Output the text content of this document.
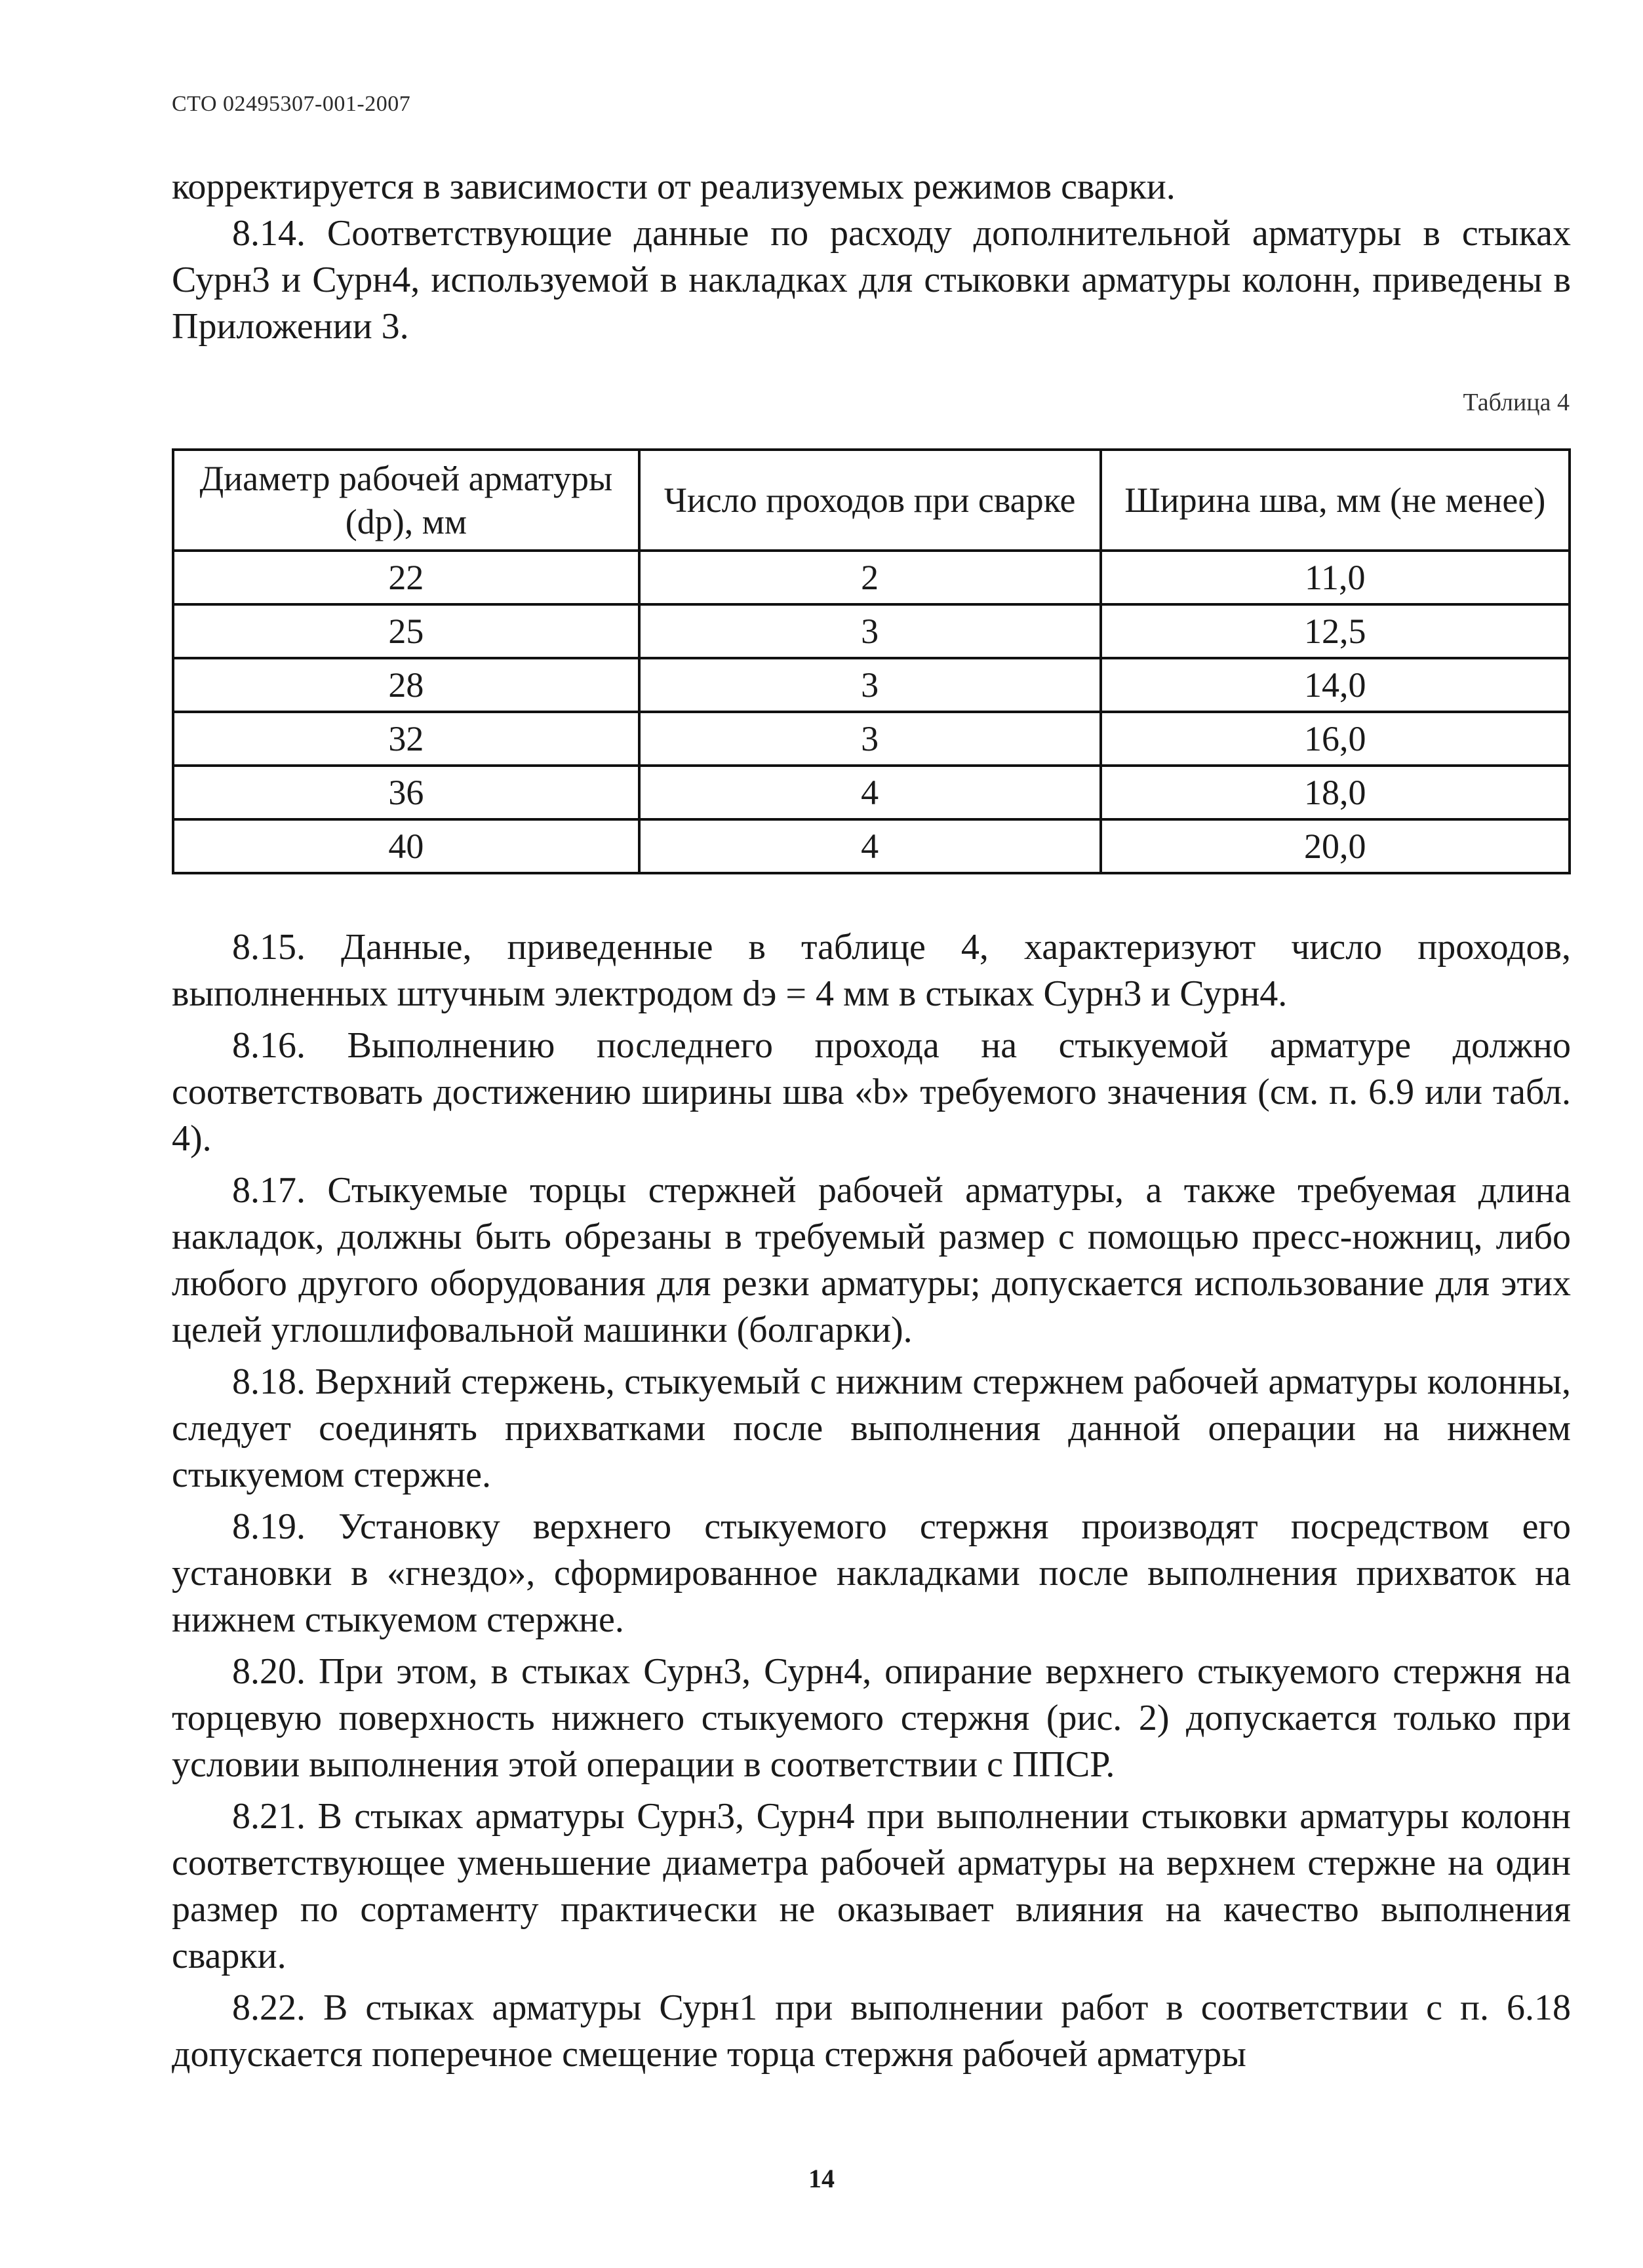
СТО 02495307-001-2007

корректируется в зависимости от реализуемых режимов сварки.

8.14. Соответствующие данные по расходу дополнительной арматуры в стыках Сурн3 и Сурн4, используемой в накладках для стыковки арматуры колонн, приведены в Приложении 3.

Таблица 4
Диаметр рабочей арматуры (dр), мм	Число проходов при сварке	Ширина шва, мм (не менее)
22	2	11,0
25	3	12,5
28	3	14,0
32	3	16,0
36	4	18,0
40	4	20,0

8.15. Данные, приведенные в таблице 4, характеризуют число проходов, выполненных штучным электродом dэ = 4 мм в стыках Сурн3 и Сурн4.

8.16. Выполнению последнего прохода на стыкуемой арматуре должно соответствовать достижению ширины шва «b» требуемого значения (см. п. 6.9 или табл. 4).

8.17. Стыкуемые торцы стержней рабочей арматуры, а также требуемая длина накладок, должны быть обрезаны в требуемый размер с помощью пресс-ножниц, либо любого другого оборудования для резки арматуры; допускается использование для этих целей углошлифовальной машинки (болгарки).

8.18. Верхний стержень, стыкуемый с нижним стержнем рабочей арматуры колонны, следует соединять прихватками после выполнения данной операции на нижнем стыкуемом стержне.

8.19. Установку верхнего стыкуемого стержня производят посредством его установки в «гнездо», сформированное накладками после выполнения прихваток на нижнем стыкуемом стержне.

8.20. При этом, в стыках Сурн3, Сурн4, опирание верхнего стыкуемого стержня на торцевую поверхность нижнего стыкуемого стержня (рис. 2) допускается только при условии выполнения этой операции в соответствии с ППСР.

8.21. В стыках арматуры Сурн3, Сурн4 при выполнении стыковки арматуры колонн соответствующее уменьшение диаметра рабочей арматуры на верхнем стержне на один размер по сортаменту практически не оказывает влияния на качество выполнения сварки.

8.22. В стыках арматуры Сурн1 при выполнении работ в соответствии с п. 6.18 допускается поперечное смещение торца стержня рабочей арматуры

14
